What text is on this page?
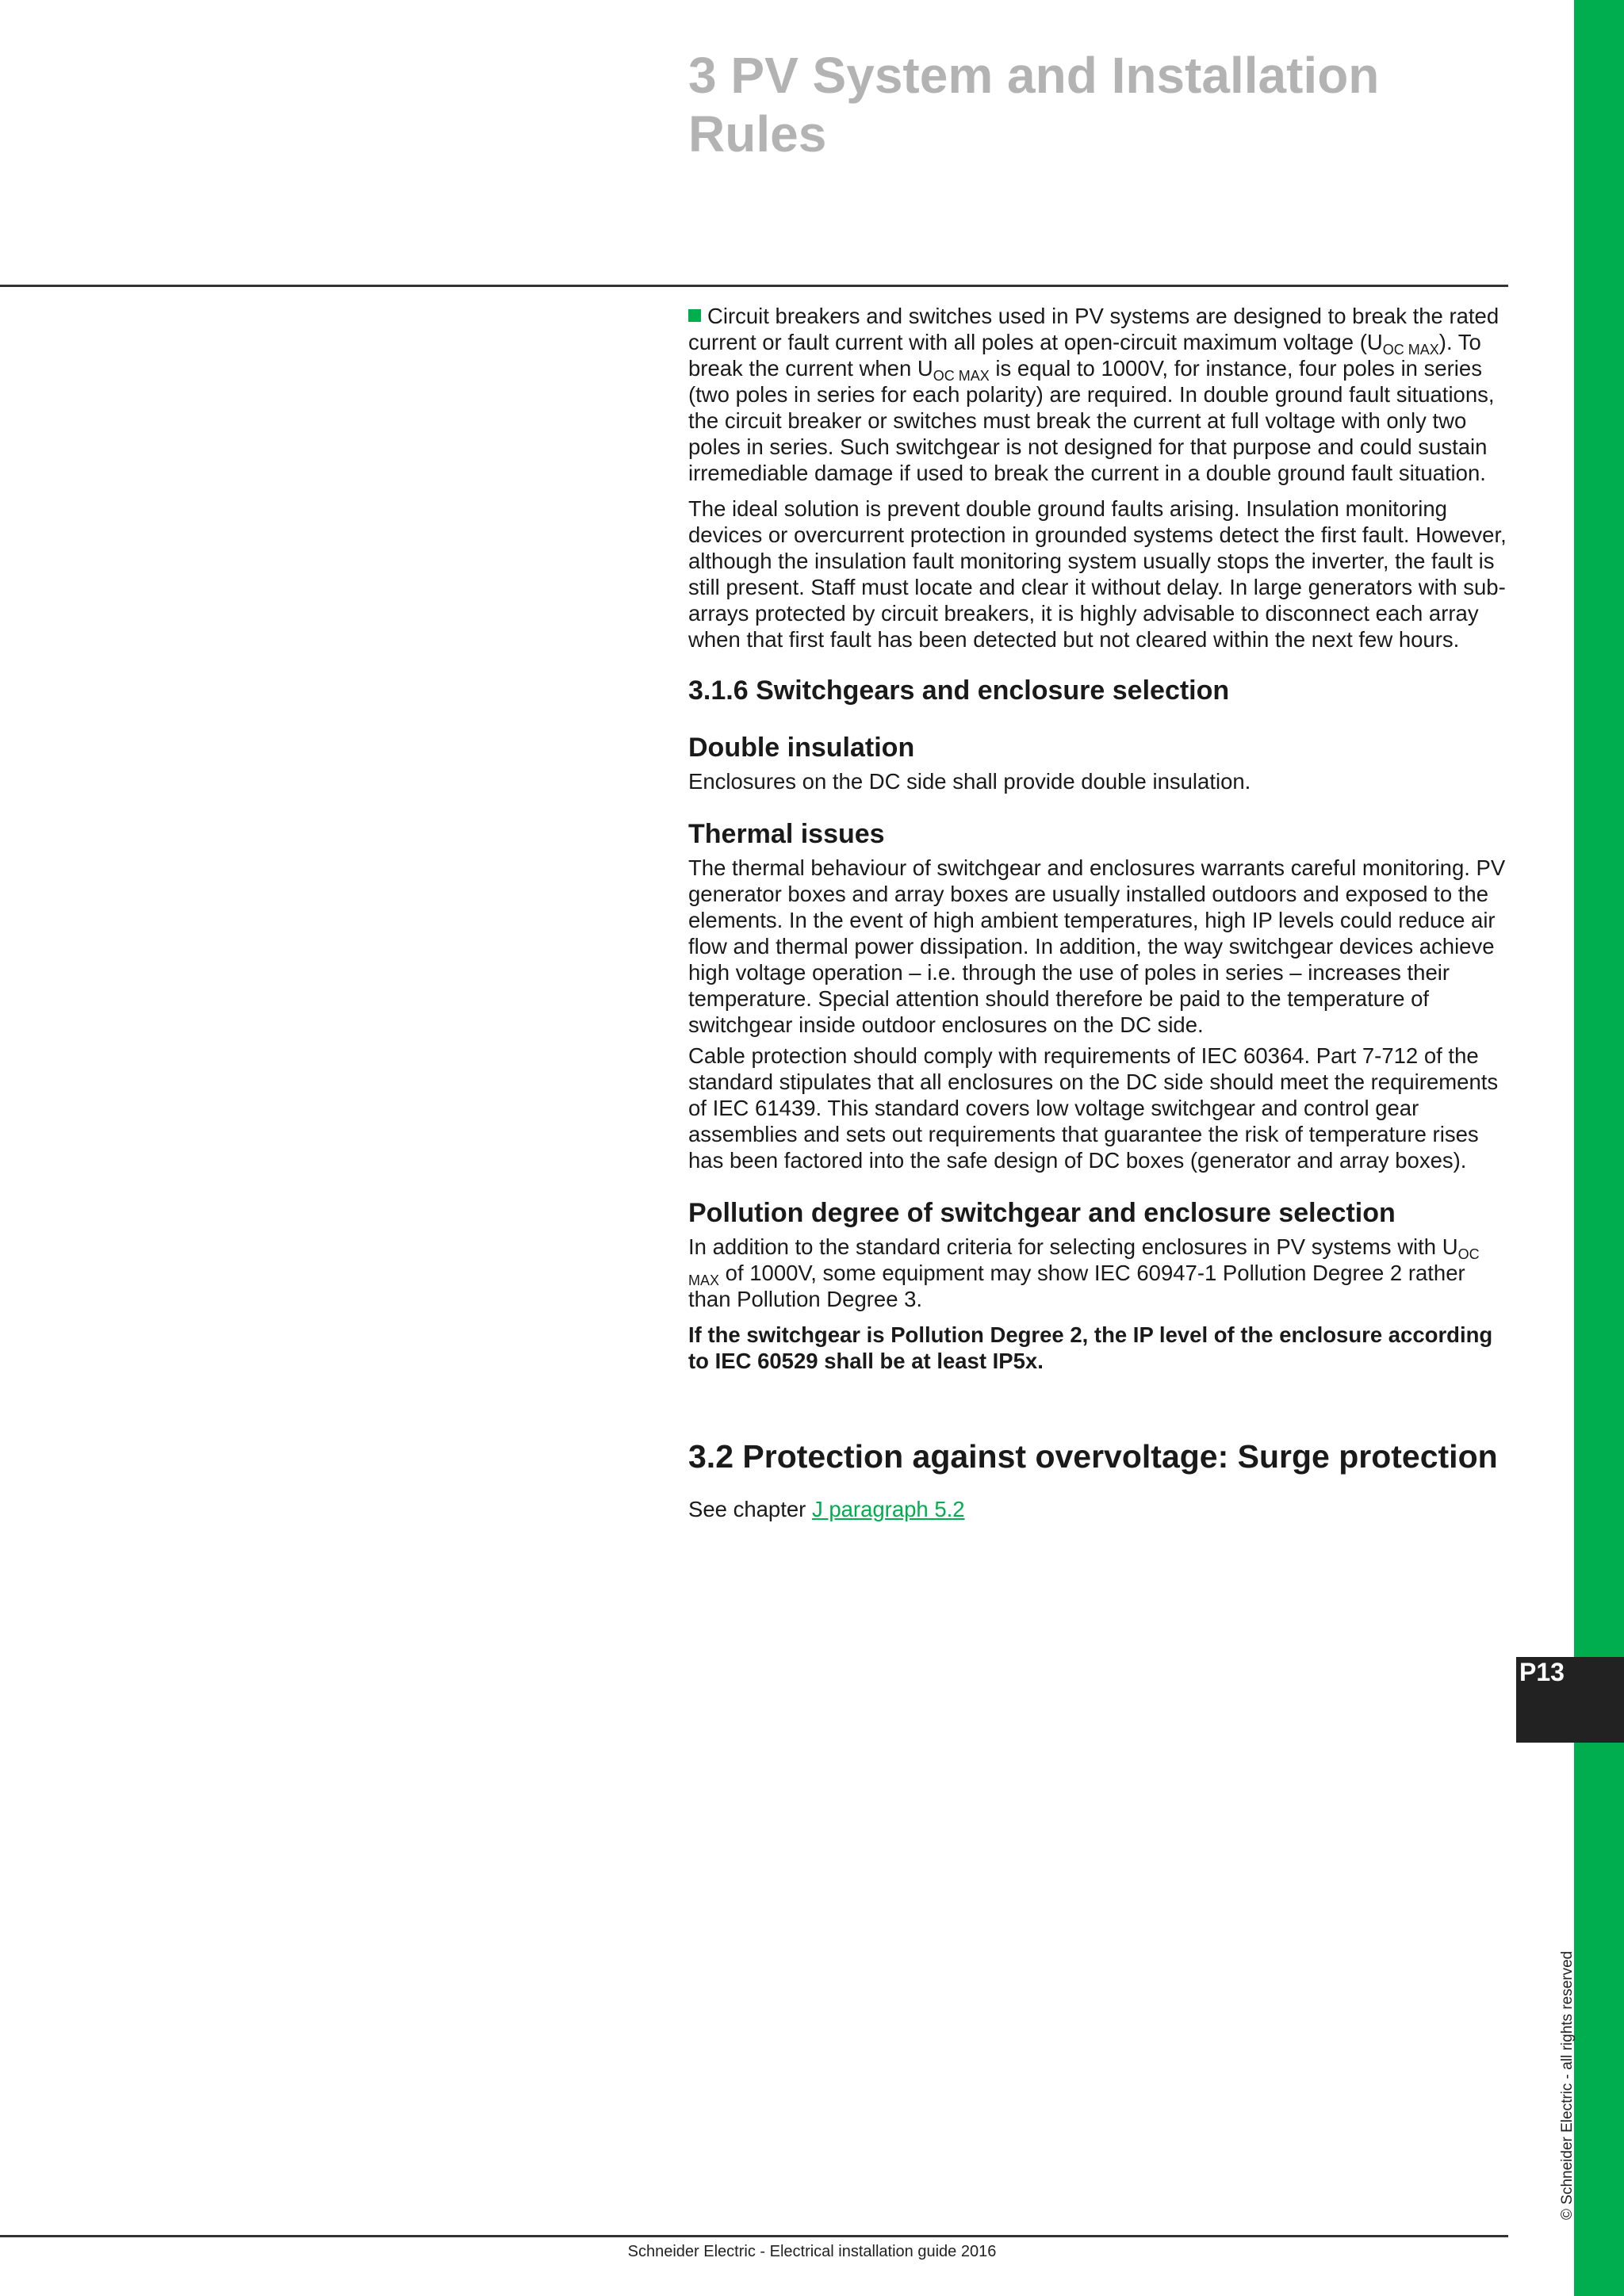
3 PV System and Installation
Rules

Circuit breakers and switches used in PV systems are designed to break the rated current or fault current with all poles at open-circuit maximum voltage $(U_{OC MAX})$. To break the current when $U_{OC MAX}$ is equal to 1000V, for instance, four poles in series (two poles in series for each polarity) are required. In double ground fault situations, the circuit breaker or switches must break the current at full voltage with only two poles in series. Such switchgear is not designed for that purpose and could sustain irremediable damage if used to break the current in a double ground fault situation.

The ideal solution is prevent double ground faults arising. Insulation monitoring devices or overcurrent protection in grounded systems detect the first fault. However, although the insulation fault monitoring system usually stops the inverter, the fault is still present. Staff must locate and clear it without delay. In large generators with sub-arrays protected by circuit breakers, it is highly advisable to disconnect each array when that first fault has been detected but not cleared within the next few hours.

3.1.6 Switchgears and enclosure selection
Double insulation

Enclosures on the DC side shall provide double insulation.

Thermal issues

The thermal behaviour of switchgear and enclosures warrants careful monitoring. PV generator boxes and array boxes are usually installed outdoors and exposed to the elements. In the event of high ambient temperatures, high IP levels could reduce air flow and thermal power dissipation. In addition, the way switchgear devices achieve high voltage operation – i.e. through the use of poles in series – increases their temperature. Special attention should therefore be paid to the temperature of switchgear inside outdoor enclosures on the DC side.

Cable protection should comply with requirements of IEC 60364. Part 7-712 of the standard stipulates that all enclosures on the DC side should meet the requirements of IEC 61439. This standard covers low voltage switchgear and control gear assemblies and sets out requirements that guarantee the risk of temperature rises has been factored into the safe design of DC boxes (generator and array boxes).

Pollution degree of switchgear and enclosure selection

In addition to the standard criteria for selecting enclosures in PV systems with $U_{OC MAX}$ of 1000V, some equipment may show IEC 60947-1 Pollution Degree 2 rather than Pollution Degree 3.

If the switchgear is Pollution Degree 2, the IP level of the enclosure according to IEC 60529 shall be at least IP5x.

3.2 Protection against overvoltage: Surge protection

See chapter J paragraph 5.2

P13
© Schneider Electric - all rights reserved
Schneider Electric - Electrical installation guide 2016
